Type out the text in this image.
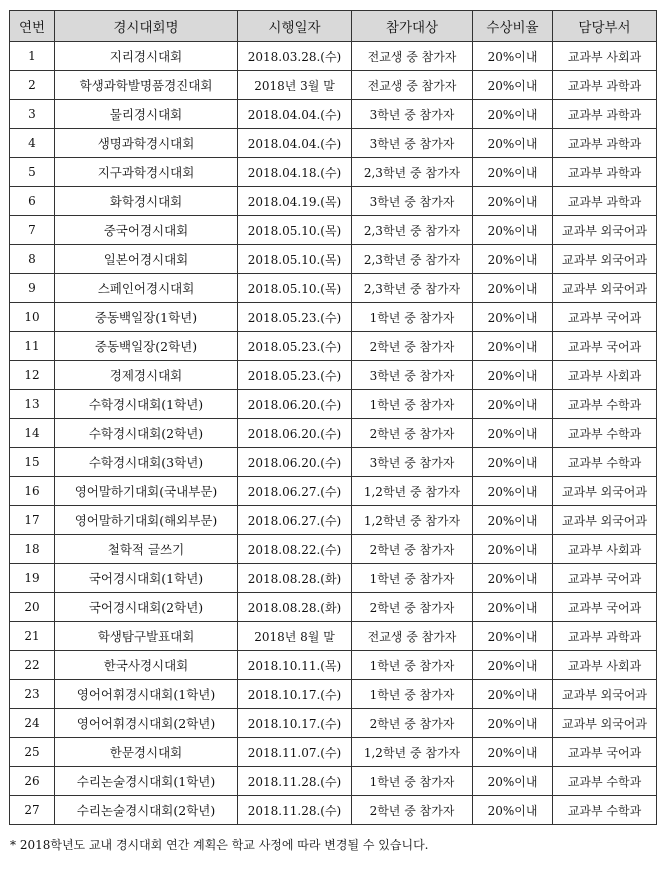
연번	경시대회명	시행일자	참가대상	수상비율	담당부서
1	지리경시대회	2018.03.28.(수)	전교생 중 참가자	20%이내	교과부 사회과
2	학생과학발명품경진대회	2018년 3월 말	전교생 중 참가자	20%이내	교과부 과학과
3	물리경시대회	2018.04.04.(수)	3학년 중 참가자	20%이내	교과부 과학과
4	생명과학경시대회	2018.04.04.(수)	3학년 중 참가자	20%이내	교과부 과학과
5	지구과학경시대회	2018.04.18.(수)	2,3학년 중 참가자	20%이내	교과부 과학과
6	화학경시대회	2018.04.19.(목)	3학년 중 참가자	20%이내	교과부 과학과
7	중국어경시대회	2018.05.10.(목)	2,3학년 중 참가자	20%이내	교과부 외국어과
8	일본어경시대회	2018.05.10.(목)	2,3학년 중 참가자	20%이내	교과부 외국어과
9	스페인어경시대회	2018.05.10.(목)	2,3학년 중 참가자	20%이내	교과부 외국어과
10	중동백일장(1학년)	2018.05.23.(수)	1학년 중 참가자	20%이내	교과부 국어과
11	중동백일장(2학년)	2018.05.23.(수)	2학년 중 참가자	20%이내	교과부 국어과
12	경제경시대회	2018.05.23.(수)	3학년 중 참가자	20%이내	교과부 사회과
13	수학경시대회(1학년)	2018.06.20.(수)	1학년 중 참가자	20%이내	교과부 수학과
14	수학경시대회(2학년)	2018.06.20.(수)	2학년 중 참가자	20%이내	교과부 수학과
15	수학경시대회(3학년)	2018.06.20.(수)	3학년 중 참가자	20%이내	교과부 수학과
16	영어말하기대회(국내부문)	2018.06.27.(수)	1,2학년 중 참가자	20%이내	교과부 외국어과
17	영어말하기대회(해외부문)	2018.06.27.(수)	1,2학년 중 참가자	20%이내	교과부 외국어과
18	철학적 글쓰기	2018.08.22.(수)	2학년 중 참가자	20%이내	교과부 사회과
19	국어경시대회(1학년)	2018.08.28.(화)	1학년 중 참가자	20%이내	교과부 국어과
20	국어경시대회(2학년)	2018.08.28.(화)	2학년 중 참가자	20%이내	교과부 국어과
21	학생탐구발표대회	2018년 8월 말	전교생 중 참가자	20%이내	교과부 과학과
22	한국사경시대회	2018.10.11.(목)	1학년 중 참가자	20%이내	교과부 사회과
23	영어어휘경시대회(1학년)	2018.10.17.(수)	1학년 중 참가자	20%이내	교과부 외국어과
24	영어어휘경시대회(2학년)	2018.10.17.(수)	2학년 중 참가자	20%이내	교과부 외국어과
25	한문경시대회	2018.11.07.(수)	1,2학년 중 참가자	20%이내	교과부 국어과
26	수리논술경시대회(1학년)	2018.11.28.(수)	1학년 중 참가자	20%이내	교과부 수학과
27	수리논술경시대회(2학년)	2018.11.28.(수)	2학년 중 참가자	20%이내	교과부 수학과
* 2018학년도 교내 경시대회 연간 계획은 학교 사정에 따라 변경될 수 있습니다.
